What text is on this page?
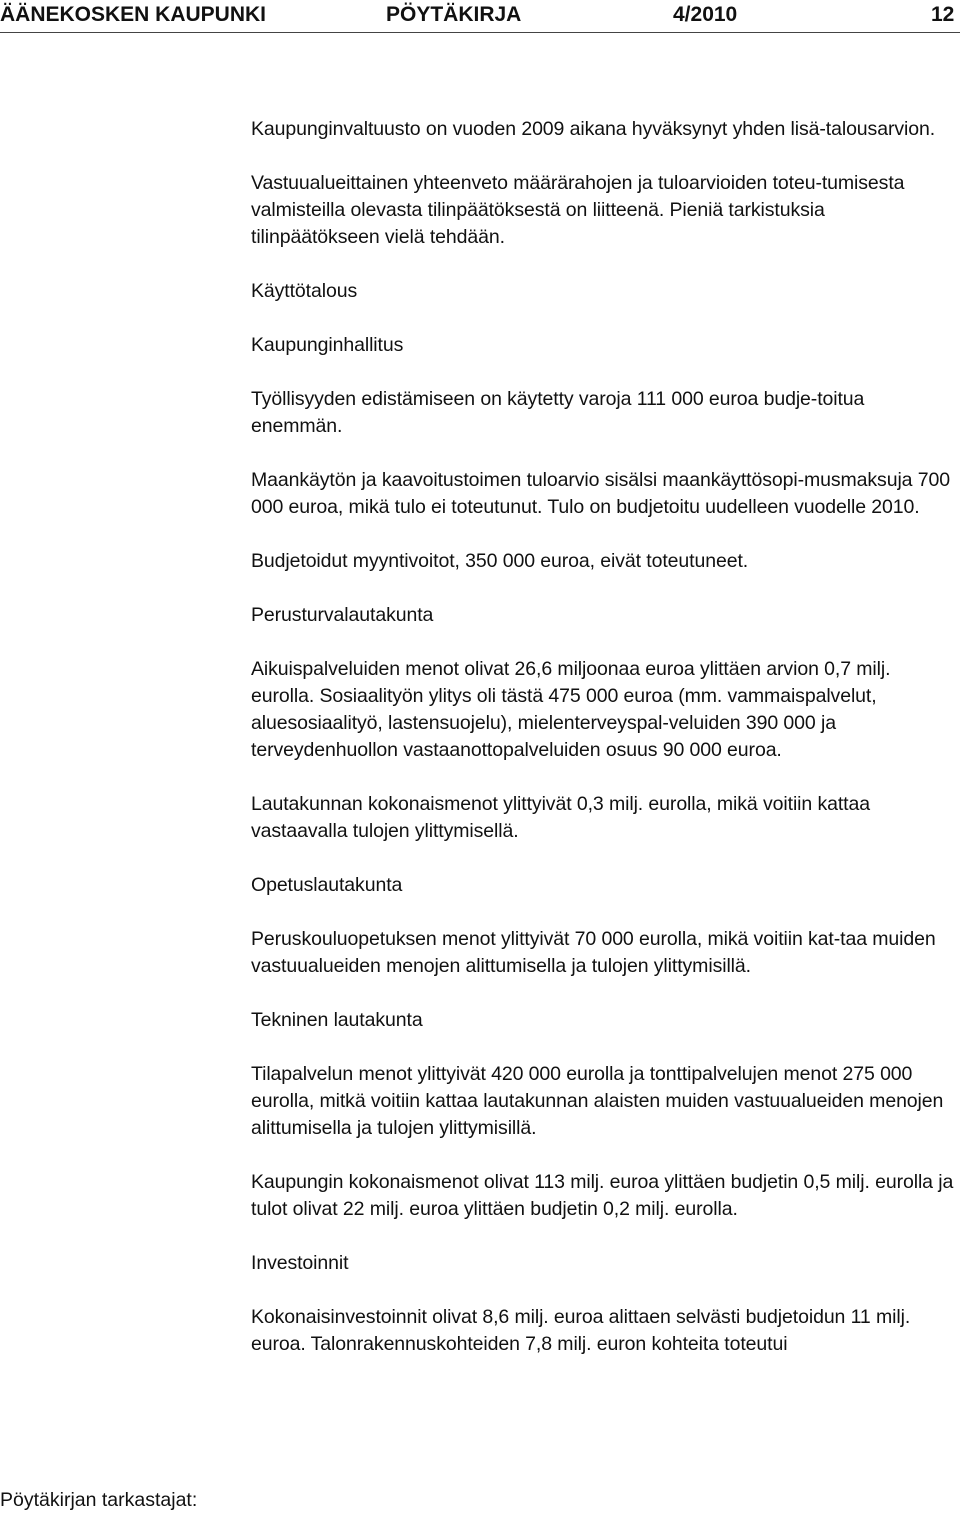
ÄÄNEKOSKEN KAUPUNKI	PÖYTÄKIRJA	4/2010	12

Kaupunginvaltuusto on vuoden 2009 aikana hyväksynyt yhden lisä-talousarvion.

Vastuualueittainen yhteenveto määrärahojen ja tuloarvioiden toteu-tumisesta valmisteilla olevasta tilinpäätöksestä on liitteenä. Pieniä tarkistuksia tilinpäätökseen vielä tehdään.

Käyttötalous

Kaupunginhallitus

Työllisyyden edistämiseen on käytetty varoja 111 000 euroa budje-toitua enemmän.

Maankäytön ja kaavoitustoimen tuloarvio sisälsi maankäyttösopi-musmaksuja 700 000 euroa, mikä tulo ei toteutunut. Tulo on budjetoitu uudelleen vuodelle 2010.

Budjetoidut myyntivoitot, 350 000 euroa, eivät toteutuneet.

Perusturvalautakunta

Aikuispalveluiden menot olivat 26,6 miljoonaa euroa ylittäen arvion 0,7 milj. eurolla. Sosiaalityön ylitys oli tästä 475 000 euroa (mm. vammaispalvelut, aluesosiaalityö, lastensuojelu), mielenterveyspal-veluiden 390 000 ja terveydenhuollon vastaanottopalveluiden osuus 90 000 euroa.

Lautakunnan kokonaismenot ylittyivät 0,3 milj. eurolla, mikä voitiin kattaa vastaavalla tulojen ylittymisellä.

Opetuslautakunta

Peruskouluopetuksen menot ylittyivät 70 000 eurolla, mikä voitiin kat-taa muiden vastuualueiden menojen alittumisella ja tulojen ylittymisillä.

Tekninen lautakunta

Tilapalvelun menot ylittyivät 420 000 eurolla ja tonttipalvelujen menot 275 000 eurolla, mitkä voitiin kattaa lautakunnan alaisten muiden vastuualueiden menojen alittumisella ja tulojen ylittymisillä.

Kaupungin kokonaismenot olivat 113 milj. euroa ylittäen budjetin 0,5 milj. eurolla ja tulot olivat 22 milj. euroa ylittäen budjetin 0,2 milj. eurolla.

Investoinnit

Kokonaisinvestoinnit olivat 8,6 milj. euroa alittaen selvästi budjetoidun 11 milj. euroa. Talonrakennuskohteiden 7,8 milj. euron kohteita toteutui

Pöytäkirjan tarkastajat:
